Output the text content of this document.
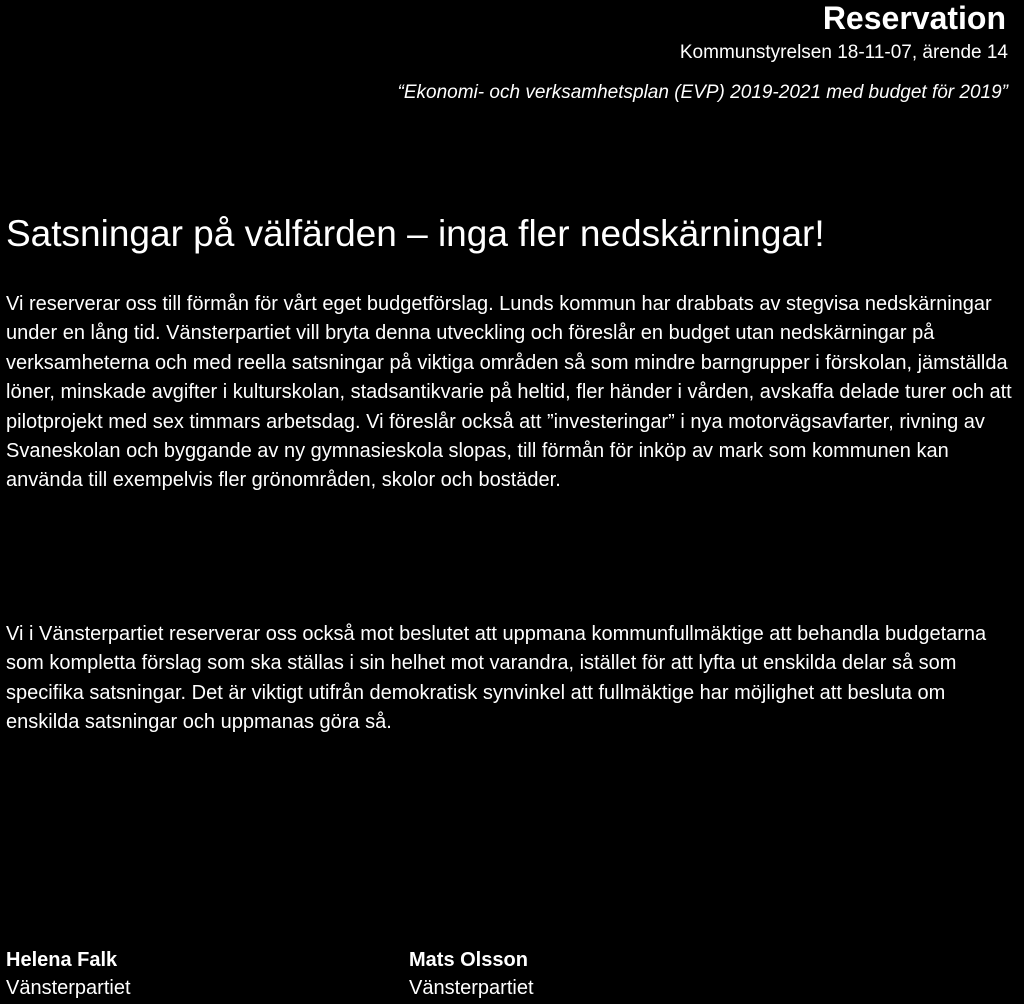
Reservation

Kommunstyrelsen 18-11-07, ärende 14

“Ekonomi- och verksamhetsplan (EVP) 2019-2021 med budget för 2019”

Satsningar på välfärden – inga fler nedskärningar!

Vi reserverar oss till förmån för vårt eget budgetförslag. Lunds kommun har drabbats av stegvisa nedskärningar under en lång tid. Vänsterpartiet vill bryta denna utveckling och föreslår en budget utan nedskärningar på verksamheterna och med reella satsningar på viktiga områden så som mindre barngrupper i förskolan, jämställda löner, minskade avgifter i kulturskolan, stadsantikvarie på heltid, fler händer i vården, avskaffa delade turer och att pilotprojekt med sex timmars arbetsdag. Vi föreslår också att ”investeringar” i nya motorvägsavfarter, rivning av Svaneskolan och byggande av ny gymnasieskola slopas, till förmån för inköp av mark som kommunen kan använda till exempelvis fler grönområden, skolor och bostäder.

Vi i Vänsterpartiet reserverar oss också mot beslutet att uppmana kommunfullmäktige att behandla budgetarna som kompletta förslag som ska ställas i sin helhet mot varandra, istället för att lyfta ut enskilda delar så som specifika satsningar. Det är viktigt utifrån demokratisk synvinkel att fullmäktige har möjlighet att besluta om enskilda satsningar och uppmanas göra så.

Helena Falk
Vänsterpartiet
Mats Olsson
Vänsterpartiet
